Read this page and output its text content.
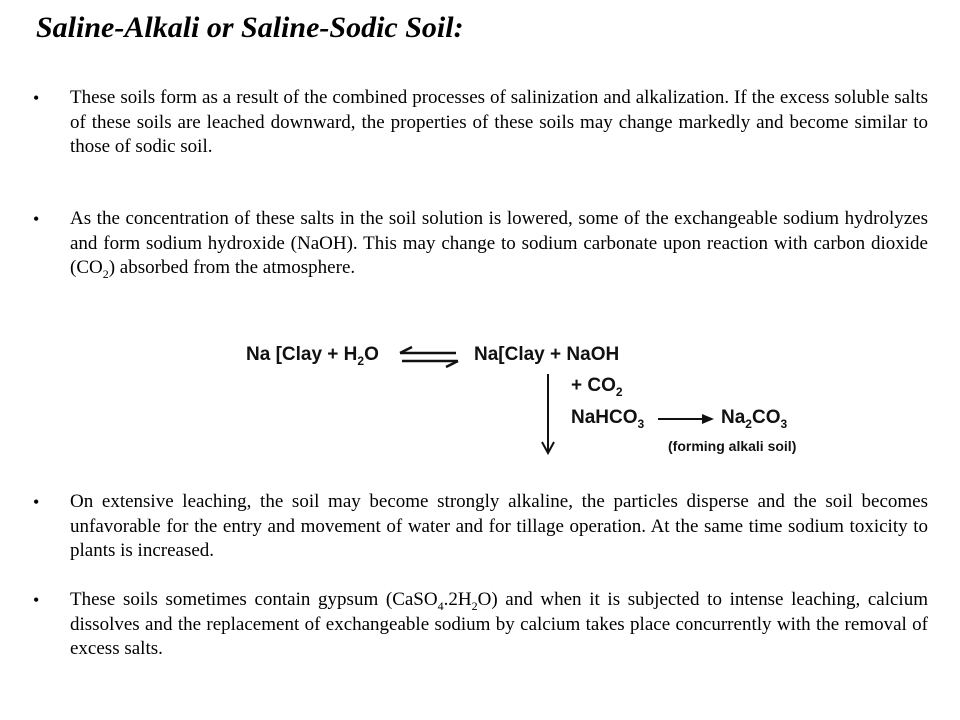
Saline-Alkali or Saline-Sodic Soil:
•	These soils form as a result of the combined processes of salinization and alkalization. If the excess soluble salts of these soils are leached downward, the properties of these soils may change markedly and become similar to those of sodic soil.

•	As the concentration of these salts in the soil solution is lowered, some of the exchangeable sodium hydrolyzes and form sodium hydroxide (NaOH). This may change to sodium carbonate upon reaction with carbon dioxide $(CO_2)$ absorbed from the atmosphere.

Na [Clay + $H_2O$ ⇌ Na[Clay + NaOH
+ $CO_2$
NaHCO$_3$	$Na_2CO_3$
(forming alkali soil)
•	On extensive leaching, the soil may become strongly alkaline, the particles disperse and the soil becomes unfavorable for the entry and movement of water and for tillage operation. At the same time sodium toxicity to plants is increased.

•	These soils sometimes contain gypsum $(CaSO_4.2H_2O)$ and when it is subjected to intense leaching, calcium dissolves and the replacement of exchangeable sodium by calcium takes place concurrently with the removal of excess salts.
